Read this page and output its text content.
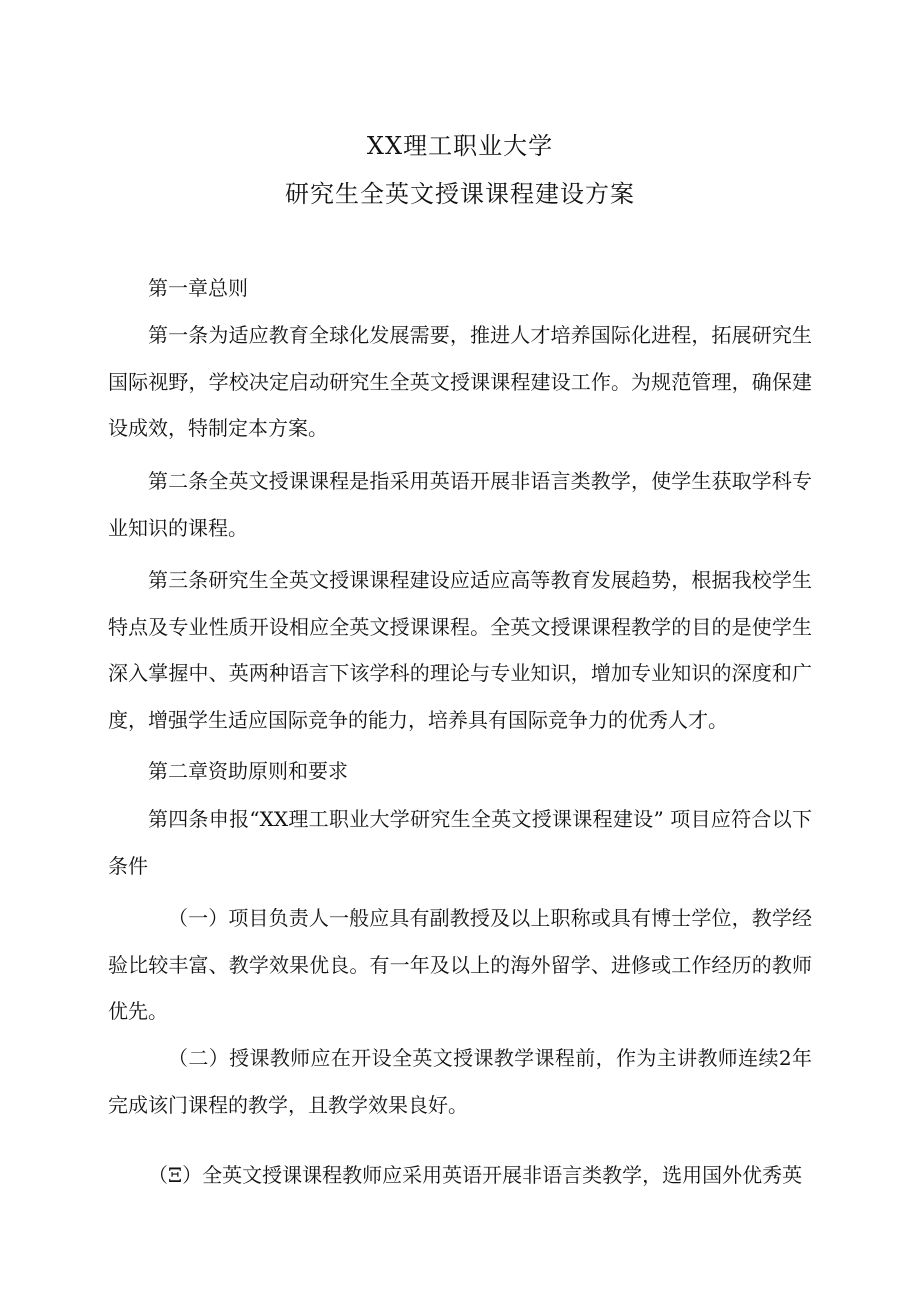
XX理工职业大学
研究生全英文授课课程建设方案
第一章总则
第一条为适应教育全球化发展需要，推进人才培养国际化进程，拓展研究生国际视野，学校决定启动研究生全英文授课课程建设工作。为规范管理，确保建设成效，特制定本方案。
第二条全英文授课课程是指采用英语开展非语言类教学，使学生获取学科专业知识的课程。
第三条研究生全英文授课课程建设应适应高等教育发展趋势，根据我校学生特点及专业性质开设相应全英文授课课程。全英文授课课程教学的目的是使学生深入掌握中、英两种语言下该学科的理论与专业知识，增加专业知识的深度和广度，增强学生适应国际竞争的能力，培养具有国际竞争力的优秀人才。
第二章资助原则和要求
第四条申报“XX理工职业大学研究生全英文授课课程建设” 项目应符合以下条件
（一）项目负责人一般应具有副教授及以上职称或具有博士学位，教学经验比较丰富、教学效果优良。有一年及以上的海外留学、进修或工作经历的教师优先。
（二）授课教师应在开设全英文授课教学课程前，作为主讲教师连续2年完成该门课程的教学，且教学效果良好。
（Ξ）全英文授课课程教师应采用英语开展非语言类教学，选用国外优秀英
